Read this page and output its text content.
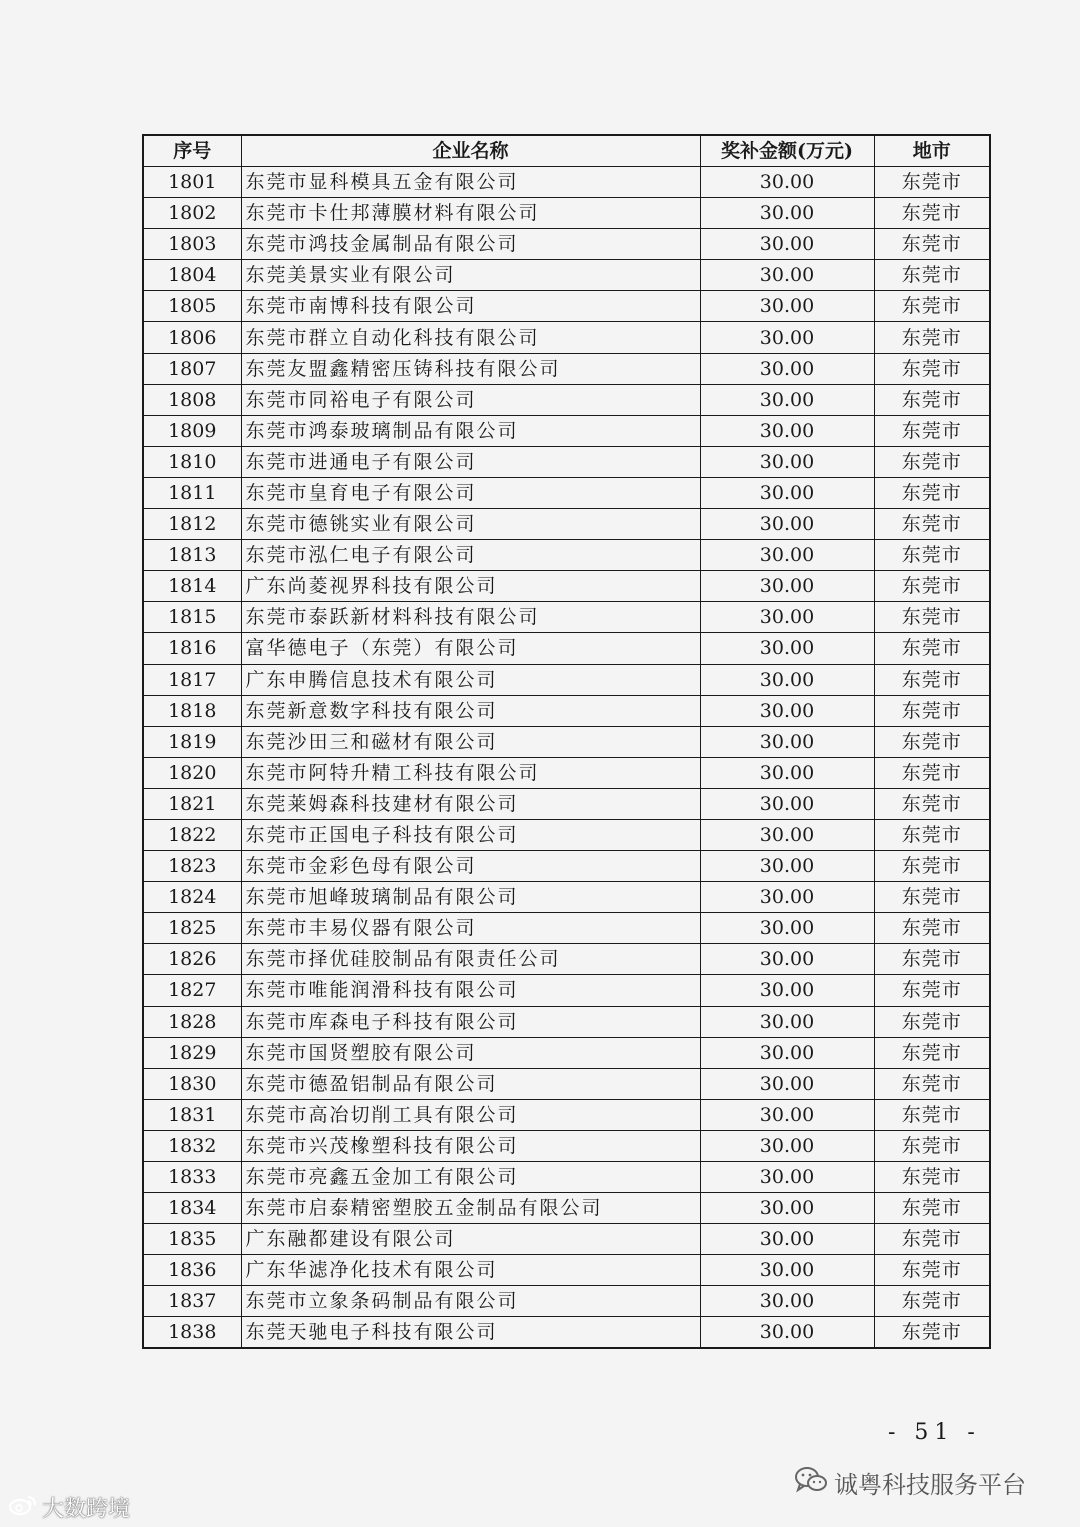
序号	企业名称	奖补金额(万元)	地市
1801	东莞市显科模具五金有限公司	30.00	东莞市
1802	东莞市卡仕邦薄膜材料有限公司	30.00	东莞市
1803	东莞市鸿技金属制品有限公司	30.00	东莞市
1804	东莞美景实业有限公司	30.00	东莞市
1805	东莞市南博科技有限公司	30.00	东莞市
1806	东莞市群立自动化科技有限公司	30.00	东莞市
1807	东莞友盟鑫精密压铸科技有限公司	30.00	东莞市
1808	东莞市同裕电子有限公司	30.00	东莞市
1809	东莞市鸿泰玻璃制品有限公司	30.00	东莞市
1810	东莞市进通电子有限公司	30.00	东莞市
1811	东莞市皇育电子有限公司	30.00	东莞市
1812	东莞市德铫实业有限公司	30.00	东莞市
1813	东莞市泓仁电子有限公司	30.00	东莞市
1814	广东尚菱视界科技有限公司	30.00	东莞市
1815	东莞市泰跃新材料科技有限公司	30.00	东莞市
1816	富华德电子（东莞）有限公司	30.00	东莞市
1817	广东申腾信息技术有限公司	30.00	东莞市
1818	东莞新意数字科技有限公司	30.00	东莞市
1819	东莞沙田三和磁材有限公司	30.00	东莞市
1820	东莞市阿特升精工科技有限公司	30.00	东莞市
1821	东莞莱姆森科技建材有限公司	30.00	东莞市
1822	东莞市正国电子科技有限公司	30.00	东莞市
1823	东莞市金彩色母有限公司	30.00	东莞市
1824	东莞市旭峰玻璃制品有限公司	30.00	东莞市
1825	东莞市丰易仪器有限公司	30.00	东莞市
1826	东莞市择优硅胶制品有限责任公司	30.00	东莞市
1827	东莞市唯能润滑科技有限公司	30.00	东莞市
1828	东莞市库森电子科技有限公司	30.00	东莞市
1829	东莞市国贤塑胶有限公司	30.00	东莞市
1830	东莞市德盈铝制品有限公司	30.00	东莞市
1831	东莞市高冶切削工具有限公司	30.00	东莞市
1832	东莞市兴茂橡塑科技有限公司	30.00	东莞市
1833	东莞市亮鑫五金加工有限公司	30.00	东莞市
1834	东莞市启泰精密塑胶五金制品有限公司	30.00	东莞市
1835	广东融都建设有限公司	30.00	东莞市
1836	广东华滤净化技术有限公司	30.00	东莞市
1837	东莞市立象条码制品有限公司	30.00	东莞市
1838	东莞天驰电子科技有限公司	30.00	东莞市
- 51 -
大数跨境
诚粤科技服务平台
